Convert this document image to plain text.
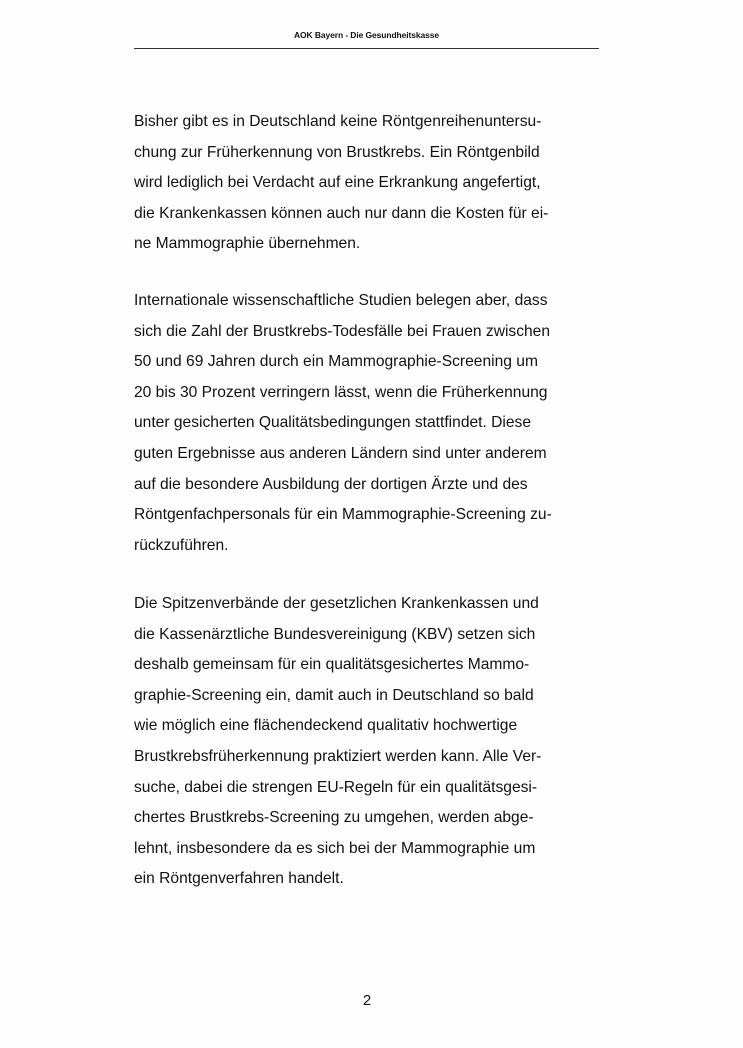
AOK Bayern - Die Gesundheitskasse

Bisher gibt es in Deutschland keine Röntgenreihenuntersu-
chung zur Früherkennung von Brustkrebs. Ein Röntgenbild
wird lediglich bei Verdacht auf eine Erkrankung angefertigt,
die Krankenkassen können auch nur dann die Kosten für ei-
ne Mammographie übernehmen.

Internationale wissenschaftliche Studien belegen aber, dass
sich die Zahl der Brustkrebs-Todesfälle bei Frauen zwischen
50 und 69 Jahren durch ein Mammographie-Screening um
20 bis 30 Prozent verringern lässt, wenn die Früherkennung
unter gesicherten Qualitätsbedingungen stattfindet. Diese
guten Ergebnisse aus anderen Ländern sind unter anderem
auf die besondere Ausbildung der dortigen Ärzte und des
Röntgenfachpersonals für ein Mammographie-Screening zu-
rückzuführen.

Die Spitzenverbände der gesetzlichen Krankenkassen und
die Kassenärztliche Bundesvereinigung (KBV) setzen sich
deshalb gemeinsam für ein qualitätsgesichertes Mammo-
graphie-Screening ein, damit auch in Deutschland so bald
wie möglich eine flächendeckend qualitativ hochwertige
Brustkrebsfrüherkennung praktiziert werden kann. Alle Ver-
suche, dabei die strengen EU-Regeln für ein qualitätsgesi-
chertes Brustkrebs-Screening zu umgehen, werden abge-
lehnt, insbesondere da es sich bei der Mammographie um
ein Röntgenverfahren handelt.

2
